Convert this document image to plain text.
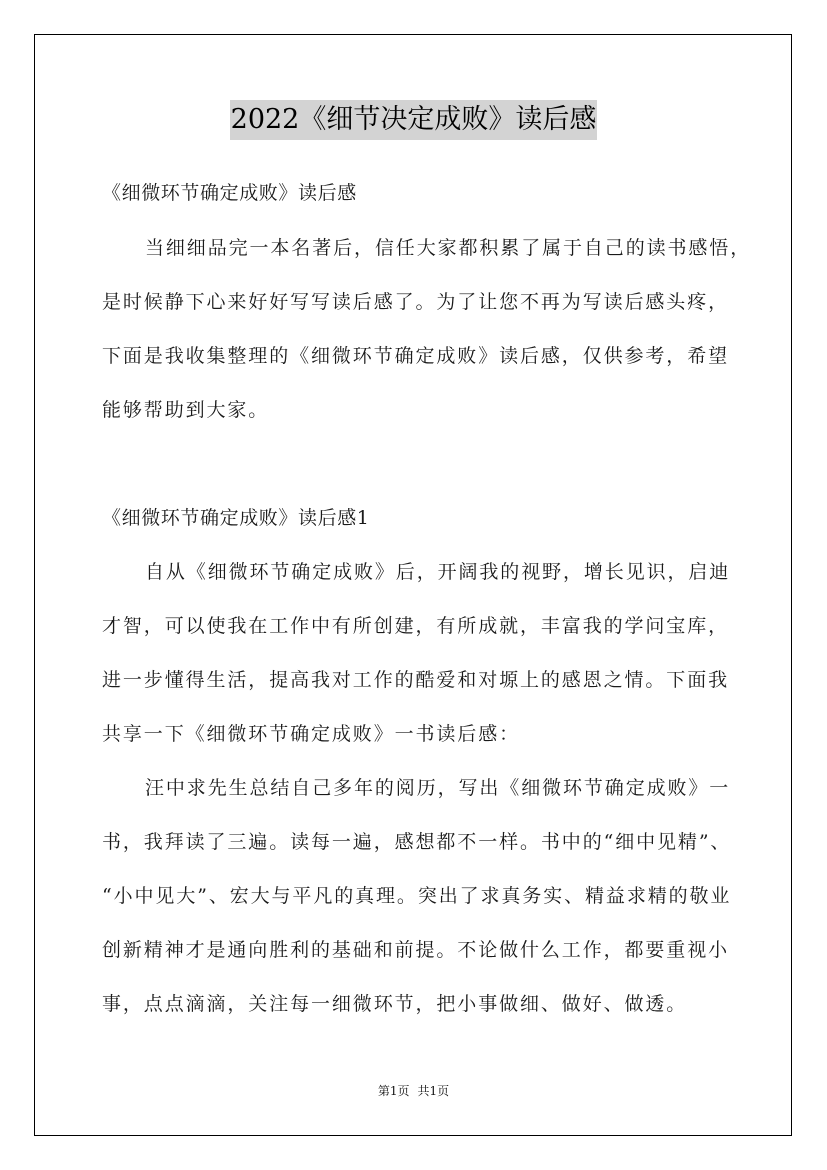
2022《细节决定成败》读后感
《细微环节确定成败》读后感
当细细品完一本名著后，信任大家都积累了属于自己的读书感悟，
是时候静下心来好好写写读后感了。为了让您不再为写读后感头疼，
下面是我收集整理的《细微环节确定成败》读后感，仅供参考，希望
能够帮助到大家。
《细微环节确定成败》读后感1
自从《细微环节确定成败》后，开阔我的视野，增长见识，启迪
才智，可以使我在工作中有所创建，有所成就，丰富我的学问宝库，
进一步懂得生活，提高我对工作的酷爱和对塬上的感恩之情。下面我
共享一下《细微环节确定成败》一书读后感：
汪中求先生总结自己多年的阅历，写出《细微环节确定成败》一
书，我拜读了三遍。读每一遍，感想都不一样。书中的“细中见精”、
“小中见大”、宏大与平凡的真理。突出了求真务实、精益求精的敬业
创新精神才是通向胜利的基础和前提。不论做什么工作，都要重视小
事，点点滴滴，关注每一细微环节，把小事做细、做好、做透。
第1页 共1页
